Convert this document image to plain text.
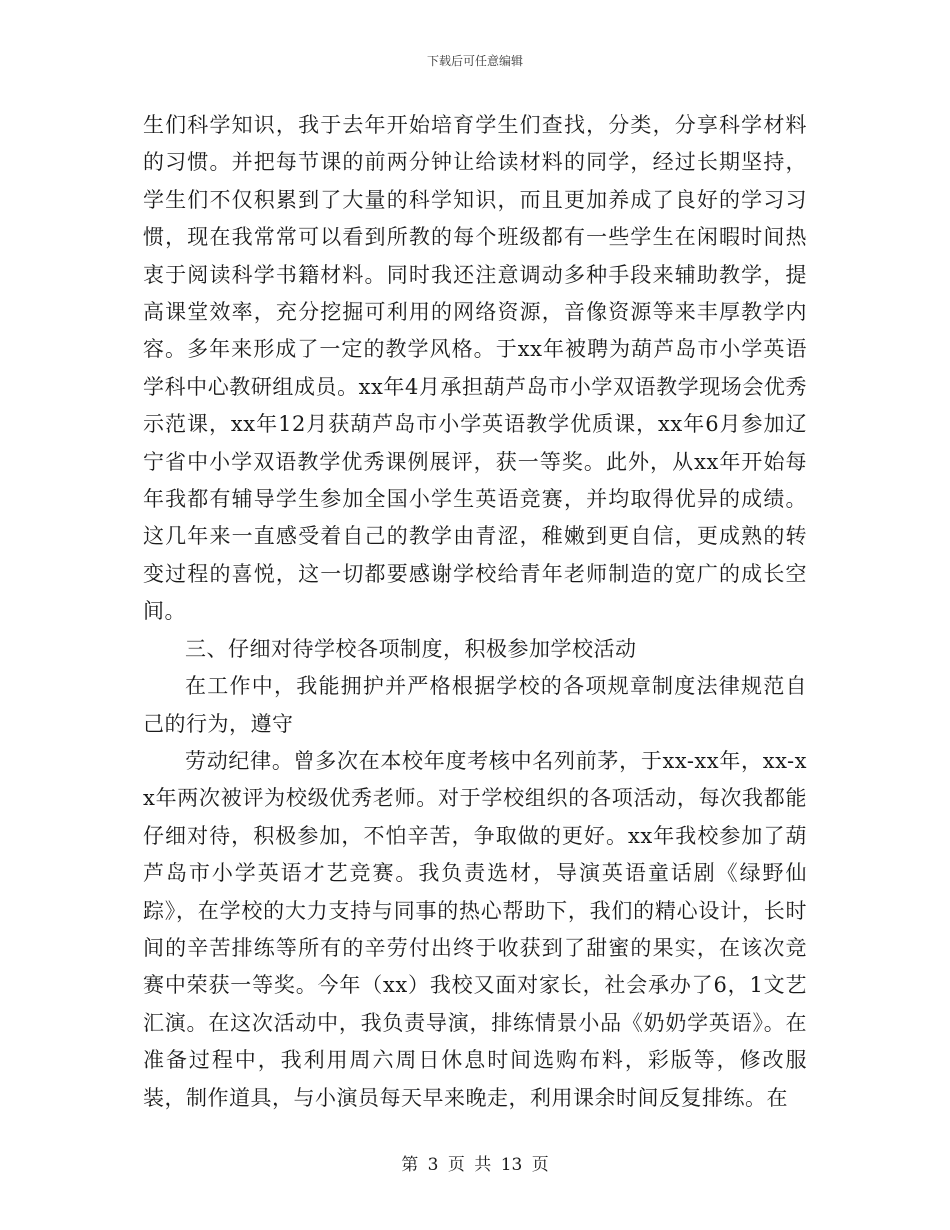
下载后可任意编辑

生们科学知识，我于去年开始培育学生们查找，分类，分享科学材料的习惯。并把每节课的前两分钟让给读材料的同学，经过长期坚持，学生们不仅积累到了大量的科学知识，而且更加养成了良好的学习习惯，现在我常常可以看到所教的每个班级都有一些学生在闲暇时间热衷于阅读科学书籍材料。同时我还注意调动多种手段来辅助教学，提高课堂效率，充分挖掘可利用的网络资源，音像资源等来丰厚教学内容。多年来形成了一定的教学风格。于xx年被聘为葫芦岛市小学英语学科中心教研组成员。xx年4月承担葫芦岛市小学双语教学现场会优秀示范课，xx年12月获葫芦岛市小学英语教学优质课，xx年6月参加辽宁省中小学双语教学优秀课例展评，获一等奖。此外，从xx年开始每年我都有辅导学生参加全国小学生英语竞赛，并均取得优异的成绩。这几年来一直感受着自己的教学由青涩，稚嫩到更自信，更成熟的转变过程的喜悦，这一切都要感谢学校给青年老师制造的宽广的成长空间。

三、仔细对待学校各项制度，积极参加学校活动

在工作中，我能拥护并严格根据学校的各项规章制度法律规范自己的行为，遵守

劳动纪律。曾多次在本校年度考核中名列前茅，于xx-xx年，xx-xx年两次被评为校级优秀老师。对于学校组织的各项活动，每次我都能仔细对待，积极参加，不怕辛苦，争取做的更好。xx年我校参加了葫芦岛市小学英语才艺竞赛。我负责选材，导演英语童话剧《绿野仙踪》，在学校的大力支持与同事的热心帮助下，我们的精心设计，长时间的辛苦排练等所有的辛劳付出终于收获到了甜蜜的果实，在该次竞赛中荣获一等奖。今年（xx）我校又面对家长，社会承办了6，1文艺汇演。在这次活动中，我负责导演，排练情景小品《奶奶学英语》。在准备过程中，我利用周六周日休息时间选购布料，彩版等，修改服装，制作道具，与小演员每天早来晚走，利用课余时间反复排练。在

第 3 页 共 13 页
